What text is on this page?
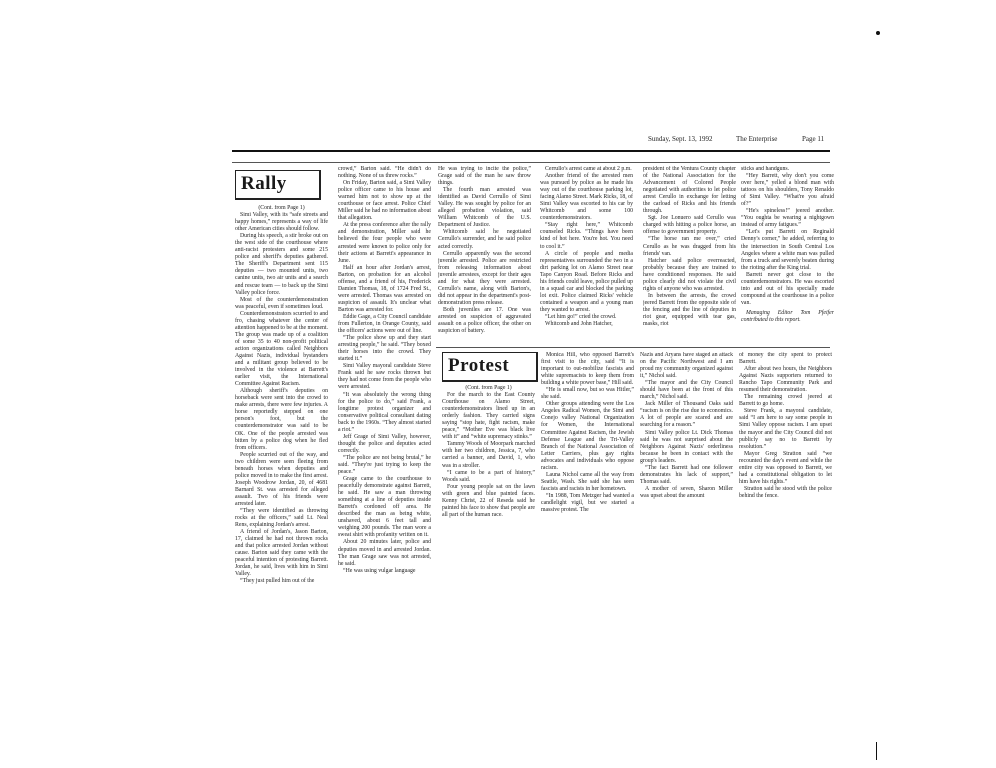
Sunday, Sept. 13, 1992	The Enterprise	Page 11
Rally

(Cont. from Page 1)

Simi Valley, with its “safe streets and happy homes,” represents a way of life other American cities should follow.

During his speech, a stir broke out on the west side of the courthouse where anti-racist protesters and some 215 police and sheriff's deputies gathered. The Sheriff's Department sent 115 deputies — two mounted units, two canine units, two air units and a search and rescue team — to back up the Simi Valley police force.

Most of the counterdemonstration was peaceful, even if sometimes loud.

Counterdemonstrators scurried to and fro, chasing whatever the center of attention happened to be at the moment. The group was made up of a coalition of some 35 to 40 non-profit political action organizations called Neighbors Against Nazis, individual bystanders and a militant group believed to be involved in the violence at Barrett's earlier visit, the International Committee Against Racism.

Although sheriff's deputies on horseback were sent into the crowd to make arrests, there were few injuries. A horse reportedly stepped on one person's foot, but the counterdemonstrator was said to be OK. One of the people arrested was bitten by a police dog when he fled from officers.

People scurried out of the way, and two children were seen fleeing from beneath horses when deputies and police moved in to make the first arrest. Joseph Woodrow Jordan, 20, of 4681 Barnard St. was arrested for alleged assault. Two of his friends were arrested later.

“They were identified as throwing rocks at the officers,” said Lt. Neal Rens, explaining Jordan's arrest.

A friend of Jordan's, Jason Barton, 17, claimed he had not thrown rocks and that police arrested Jordan without cause. Barton said they came with the peaceful intention of protesting Barrett. Jordan, he said, lives with him in Simi Valley.

“They just pulled him out of the

crowd,” Barton said. “He didn't do nothing. None of us threw rocks.”

On Friday, Barton said, a Simi Valley police officer came to his house and warned him not to show up at the courthouse or face arrest. Police Chief Miller said he had no information about that allegation.

At the press conference after the rally and demonstration, Miller said he believed the four people who were arrested were known to police only for their actions at Barrett's appearance in June.

Half an hour after Jordan's arrest, Barton, on probation for an alcohol offense, and a friend of his, Frederick Damien Thomas, 18, of 1724 Fred St., were arrested. Thomas was arrested on suspicion of assault. It's unclear what Barton was arrested for.

Eddie Gage, a City Council candidate from Fullerton, in Orange County, said the officers' actions were out of line.

“The police show up and they start arresting people,” he said. “They boxed their horses into the crowd. They started it.”

Simi Valley mayoral candidate Steve Frank said he saw rocks thrown but they had not come from the people who were arrested.

“It was absolutely the wrong thing for the police to do,” said Frank, a longtime protest organizer and conservative political consultant dating back to the 1960s. “They almost started a riot.”

Jeff Grage of Simi Valley, however, thought the police and deputies acted correctly.

“The police are not being brutal,” he said. “They're just trying to keep the peace.”

Grage came to the courthouse to peacefully demonstrate against Barrett, he said. He saw a man throwing something at a line of deputies inside Barrett's cordoned off area. He described the man as being white, unshaved, about 6 feet tall and weighing 200 pounds. The man wore a sweat shirt with profanity written on it.

About 20 minutes later, police and deputies moved in and arrested Jordan. The man Grage saw was not arrested, he said.

“He was using vulgar language

He was trying to incite the police,” Grage said of the man he saw throw things.

The fourth man arrested was identified as David Cerrullo of Simi Valley. He was sought by police for an alleged probation violation, said William Whitcomb of the U.S. Department of Justice.

Whitcomb said he negotiated Cerrullo's surrender, and he said police acted correctly.

Cerrullo apparently was the second juvenile arrested. Police are restricted from releasing information about juvenile arrestees, except for their ages and for what they were arrested. Cerrullo's name, along with Barton's, did not appear in the department's post-demonstration press release.

Both juveniles are 17. One was arrested on suspicion of aggravated assault on a police officer, the other on suspicion of battery.

Cerrullo's arrest came at about 2 p.m.

Another friend of the arrested men was pursued by police as he made his way out of the courthouse parking lot, facing Alamo Street. Mark Ricks, 18, of Simi Valley was escorted to his car by Whitcomb and some 100 counterdemonstrators.

“Stay right here,” Whitcomb counseled Ricks. “Things have been kind of hot here. You're hot. You need to cool it.”

A circle of people and media representatives surrounded the two in a dirt parking lot on Alamo Street near Tapo Canyon Road. Before Ricks and his friends could leave, police pulled up in a squad car and blocked the parking lot exit. Police claimed Ricks' vehicle contained a weapon and a young man they wanted to arrest.

“Let him go!” cried the crowd.

Whitcomb and John Hatcher,

president of the Ventura County chapter of the National Association for the Advancement of Colored People negotiated with authorities to let police arrest Cerullo in exchange for letting the carload of Ricks and his friends through.

Sgt. Joe Lonuero said Cerullo was charged with hitting a police horse, an offense to government property.

“The horse ran me over,” cried Cerullo as he was dragged from his friends' van.

Hatcher said police overreacted, probably because they are trained to have conditioned responses. He said police clearly did not violate the civil rights of anyone who was arrested.

In between the arrests, the crowd jeered Barrett from the opposite side of the fencing and the line of deputies in riot gear, equipped with tear gas, masks, riot

sticks and handguns.

“Hey Barrett, why don't you come over here,” yelled a blond man with tattoos on his shoulders, Tony Renaldo of Simi Valley. “What're you afraid of?”

“He's spineless!” jeered another. “You oughta be wearing a nightgown instead of army fatigues.”

“Let's put Barrett on Reginald Denny's corner,” he added, referring to the intersection in South Central Los Angeles where a white man was pulled from a truck and severely beaten during the rioting after the King trial.

Barrett never got close to the counterdemonstrators. He was escorted into and out of his specially made compound at the courthouse in a police van.

Managing Editor Tom Pfeifer contributed to this report.

Protest

(Cont. from Page 1)

For the march to the East County Courthouse on Alamo Street, counterdemonstrators lined up in an orderly fashion. They carried signs saying “stop hate, fight racism, make peace,” “Mother Eve was black live with it” and “white supremacy stinks.”

Tammy Woods of Moorpark marched with her two children, Jessica, 7, who carried a banner, and David, 1, who was in a stroller.

“I came to be a part of history,” Woods said.

Four young people sat on the lawn with green and blue painted faces. Kenny Christ, 22 of Reseda said he painted his face to show that people are all part of the human race.

Monica Hill, who opposed Barrett's first visit to the city, said “It is important to out-mobilize fascists and white supremacists to keep them from building a white power base,” Hill said.

“He is small now, but so was Hitler,” she said.

Other groups attending were the Los Angeles Radical Women, the Simi and Conejo valley National Organization for Women, the International Committee Against Racism, the Jewish Defense League and the Tri-Valley Branch of the National Association of Letter Carriers, plus gay rights advocates and individuals who oppose racism.

Launa Nichol came all the way from Seattle, Wash. She said she has seen fascists and racists in her hometown.

“In 1988, Tom Metzger had wanted a candlelight vigil, but we started a massive protest. The

Nazis and Aryans have staged an attack on the Pacific Northwest and I am proud my community organized against it,” Nichol said.

“The mayor and the City Council should have been at the front of this march,” Nichol said.

Jack Miller of Thousand Oaks said “racism is on the rise due to economics. A lot of people are scared and are searching for a reason.”

Simi Valley police Lt. Dick Thomas said he was not surprised about the Neighbors Against Nazis' orderliness because he been in contact with the group's leaders.

“The fact Barrett had one follower demonstrates his lack of support,” Thomas said.

A mother of seven, Sharon Miller was upset about the amount

of money the city spent to protect Barrett.

After about two hours, the Neighbors Against Nazis supporters returned to Rancho Tapo Community Park and resumed their demonstration.

The remaining crowd jeered at Barrett to go home.

Steve Frank, a mayoral candidate, said “I am here to say some people in Simi Valley oppose racism. I am upset the mayor and the City Council did not publicly say no to Barrett by resolution.”

Mayor Greg Stratton said “we recounted the day's event and while the entire city was opposed to Barrett, we had a constitutional obligation to let him have his rights.”

Stratton said he stood with the police behind the fence.
